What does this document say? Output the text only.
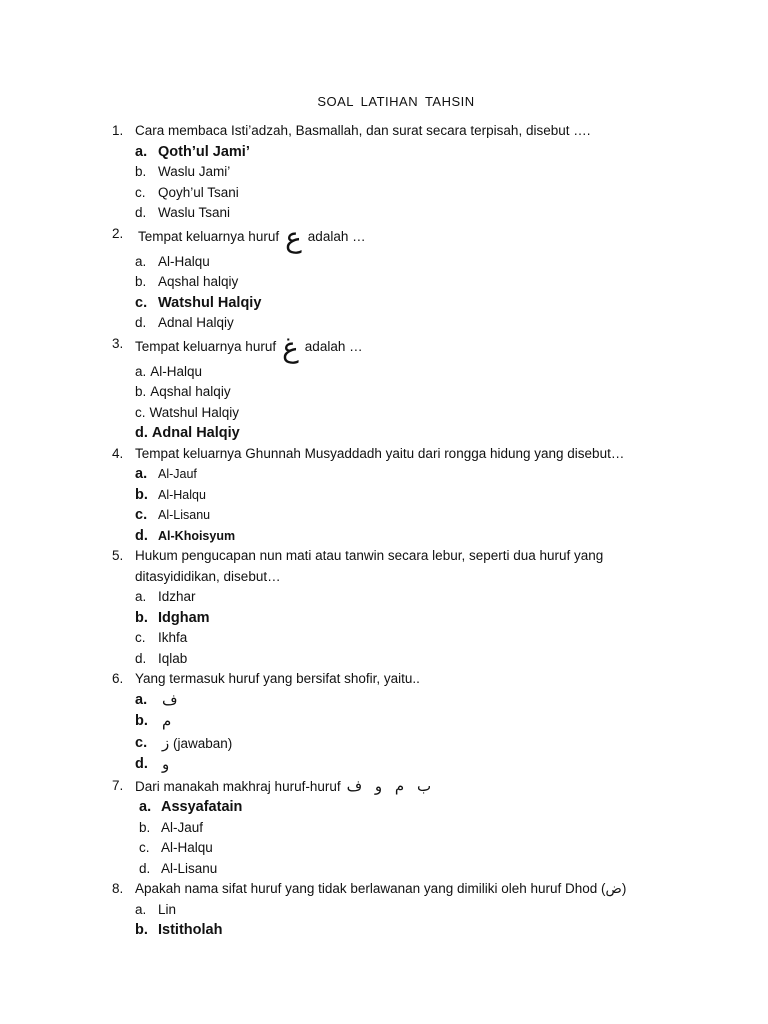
SOAL LATIHAN TAHSIN
1. Cara membaca Isti’adzah, Basmallah, dan surat secara terpisah, disebut ….
a. Qoth’ul Jami’
b. Waslu Jami’
c. Qoyh’ul Tsani
d. Waslu Tsani
2. Tempat keluarnya huruf ع adalah …
a. Al-Halqu
b. Aqshal halqiy
c. Watshul Halqiy
d. Adnal Halqiy
3. Tempat keluarnya huruf غ adalah …
a. Al-Halqu
b. Aqshal halqiy
c. Watshul Halqiy
d. Adnal Halqiy
4. Tempat keluarnya Ghunnah Musyaddadh yaitu dari rongga hidung yang disebut…
a. Al-Jauf
b. Al-Halqu
c. Al-Lisanu
d. Al-Khoisyum
5. Hukum pengucapan nun mati atau tanwin secara lebur, seperti dua huruf yang
ditasyididikan, disebut…
a. Idzhar
b. Idgham
c. Ikhfa
d. Iqlab
6. Yang termasuk huruf yang bersifat shofir, yaitu..
a. ف
b. م
c. ز (jawaban)
d. و
7. Dari manakah makhraj huruf-huruf ب م و ف
a. Assyafatain
b. Al-Jauf
c. Al-Halqu
d. Al-Lisanu
8. Apakah nama sifat huruf yang tidak berlawanan yang dimiliki oleh huruf Dhod (ض)
a. Lin
b. Istitholah
